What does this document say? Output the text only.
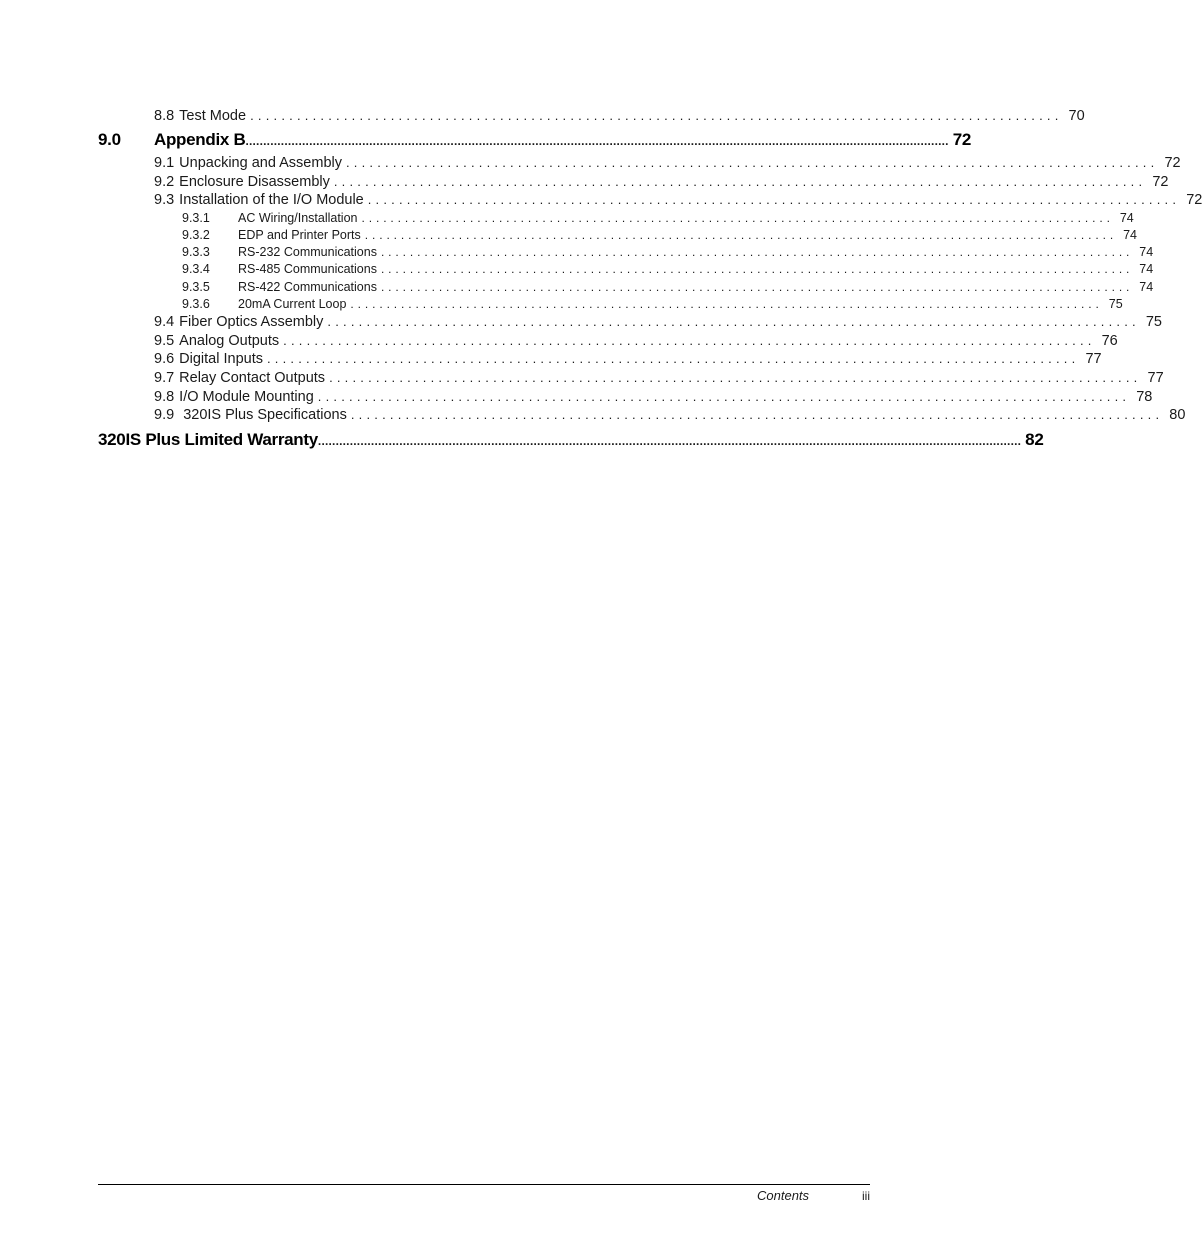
8.8 Test Mode ........................................................................................................ 70
9.0	Appendix B ....................................................................................................................................................................................................... 72
9.1 Unpacking and Assembly ........................................................................................................ 72
9.2 Enclosure Disassembly ........................................................................................................ 72
9.3 Installation of the I/O Module ........................................................................................................ 72
9.3.1	AC Wiring/Installation ........................................................................................................ 74
9.3.2	EDP and Printer Ports ........................................................................................................ 74
9.3.3	RS-232 Communications ........................................................................................................ 74
9.3.4	RS-485 Communications ........................................................................................................ 74
9.3.5	RS-422 Communications ........................................................................................................ 74
9.3.6	20mA Current Loop ........................................................................................................ 75
9.4 Fiber Optics Assembly ........................................................................................................ 75
9.5 Analog Outputs ........................................................................................................ 76
9.6 Digital Inputs ........................................................................................................ 77
9.7 Relay Contact Outputs ........................................................................................................ 77
9.8 I/O Module Mounting ........................................................................................................ 78
9.9 320IS Plus Specifications ........................................................................................................ 80
320IS Plus Limited Warranty ....................................................................................................................................................................................................... 82
Contents	iii
